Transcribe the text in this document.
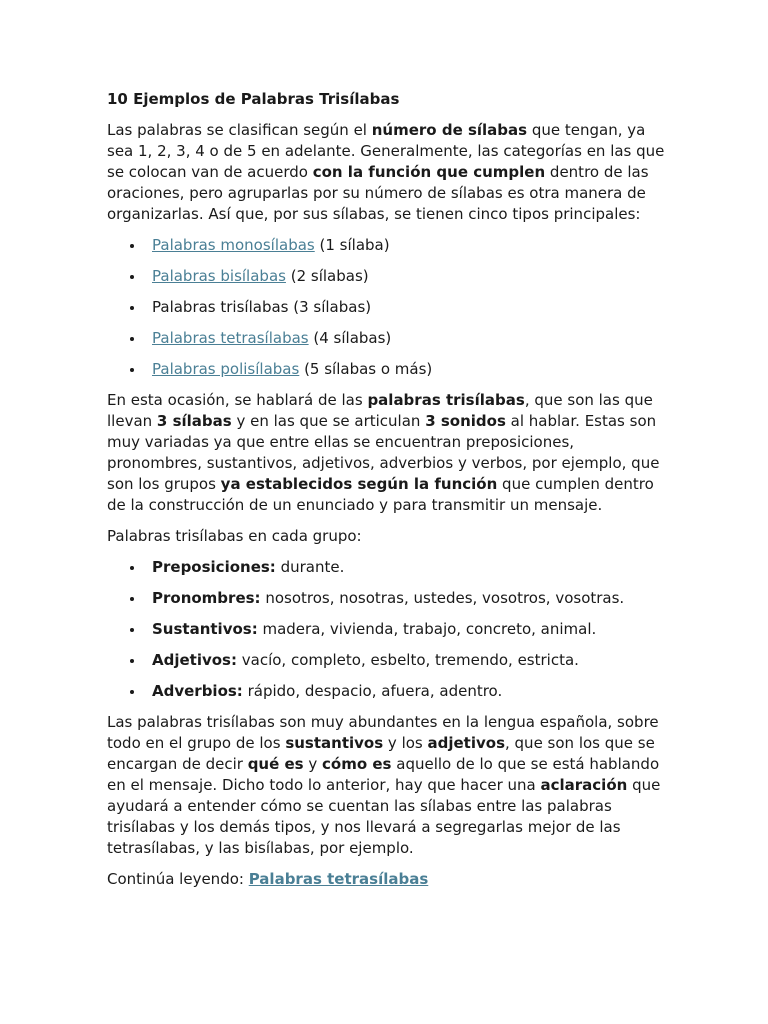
10 Ejemplos de Palabras Trisílabas

Las palabras se clasifican según el número de sílabas que tengan, ya sea 1, 2, 3, 4 o de 5 en adelante. Generalmente, las categorías en las que se colocan van de acuerdo con la función que cumplen dentro de las oraciones, pero agruparlas por su número de sílabas es otra manera de organizarlas. Así que, por sus sílabas, se tienen cinco tipos principales:

Palabras monosílabas (1 sílaba)
Palabras bisílabas (2 sílabas)
Palabras trisílabas (3 sílabas)
Palabras tetrasílabas (4 sílabas)
Palabras polisílabas (5 sílabas o más)

En esta ocasión, se hablará de las palabras trisílabas, que son las que llevan 3 sílabas y en las que se articulan 3 sonidos al hablar. Estas son muy variadas ya que entre ellas se encuentran preposiciones, pronombres, sustantivos, adjetivos, adverbios y verbos, por ejemplo, que son los grupos ya establecidos según la función que cumplen dentro de la construcción de un enunciado y para transmitir un mensaje.

Palabras trisílabas en cada grupo:

Preposiciones: durante.
Pronombres: nosotros, nosotras, ustedes, vosotros, vosotras.
Sustantivos: madera, vivienda, trabajo, concreto, animal.
Adjetivos: vacío, completo, esbelto, tremendo, estricta.
Adverbios: rápido, despacio, afuera, adentro.

Las palabras trisílabas son muy abundantes en la lengua española, sobre todo en el grupo de los sustantivos y los adjetivos, que son los que se encargan de decir qué es y cómo es aquello de lo que se está hablando en el mensaje. Dicho todo lo anterior, hay que hacer una aclaración que ayudará a entender cómo se cuentan las sílabas entre las palabras trisílabas y los demás tipos, y nos llevará a segregarlas mejor de las tetrasílabas, y las bisílabas, por ejemplo.

Continúa leyendo: Palabras tetrasílabas
